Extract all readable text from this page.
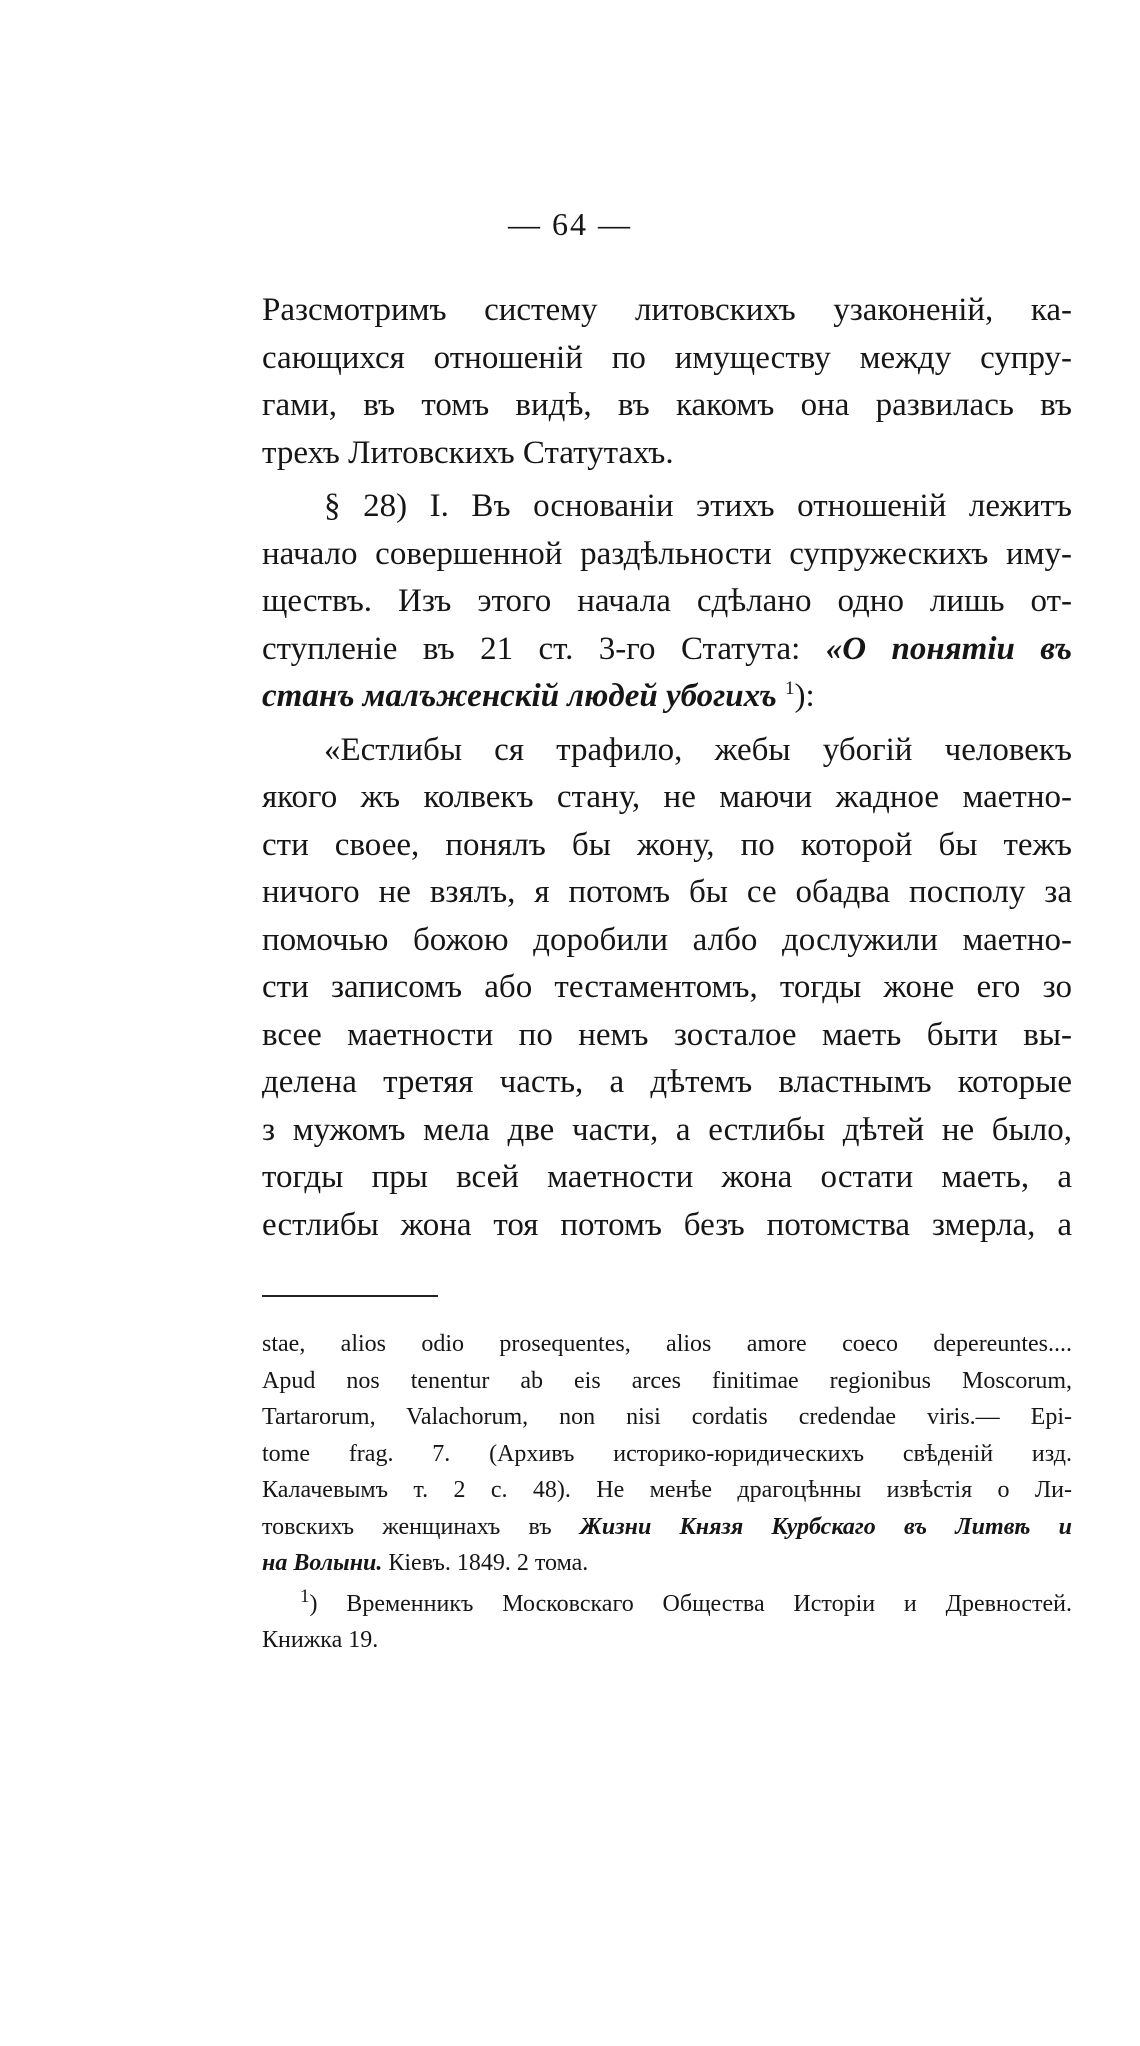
— 64 —

Разсмотримъ систему литовскихъ узаконеній, ка-
сающихся отношеній по имуществу между супру-
гами, въ томъ видѣ, въ какомъ она развилась въ
трехъ Литовскихъ Статутахъ.
§ 28) I. Въ основаніи этихъ отношеній лежитъ
начало совершенной раздѣльности супружескихъ иму-
ществъ. Изъ этого начала сдѣлано одно лишь от-
ступленіе въ 21 ст. 3-го Статута: «О понятіи въ
станъ малъженскій людей убогихъ $^1$):
«Естлибы ся трафило, жебы убогій человекъ
якого жъ колвекъ стану, не маючи жадное маетно-
сти своее, понялъ бы жону, по которой бы тежъ
ничого не взялъ, я потомъ бы се обадва посполу за
помочью божою доробили албо дослужили маетно-
сти записомъ або тестаментомъ, тогды жоне его зо
всее маетности по немъ зосталое маеть быти вы-
делена третяя часть, а дѣтемъ властнымъ которые
з мужомъ мела две части, а естлибы дѣтей не было,
тогды пры всей маетности жона остати маеть, а
естлибы жона тоя потомъ безъ потомства змерла, а
stae, alios odio prosequentes, alios amore coeco depereuntes....
Apud nos tenentur ab eis arces finitimae regionibus Moscorum,
Tartarorum, Valachorum, non nisi cordatis credendae viris.— Epi-
tome frag. 7. (Архивъ историко-юридическихъ свѣденій изд.
Калачевымъ т. 2 с. 48). Не менѣе драгоцѣнны извѣстія о Ли-
товскихъ женщинахъ въ Жизни Князя Курбскаго въ Литвѣ и
на Волыни. Кіевъ. 1849. 2 тома.
$^1$) Временникъ Московскаго Общества Исторіи и Древностей.
Книжка 19.
